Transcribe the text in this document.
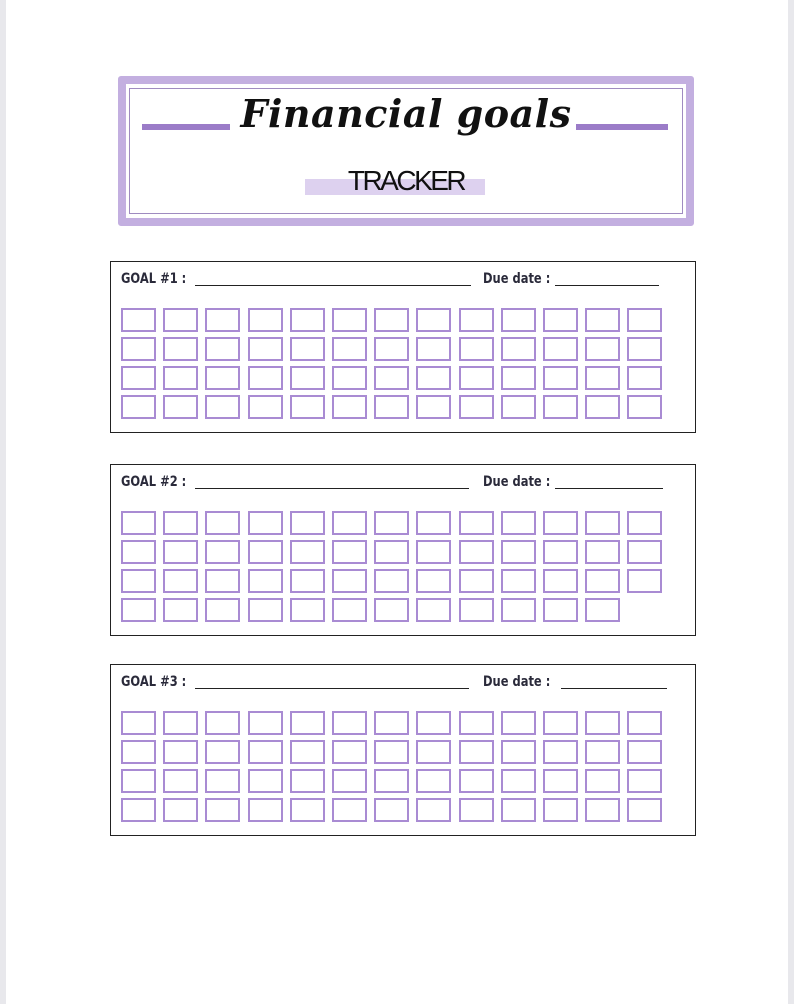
Financial goals
TRACKER
GOAL #1 :	Due date :
GOAL #2 :	Due date :
GOAL #3 :	Due date :
